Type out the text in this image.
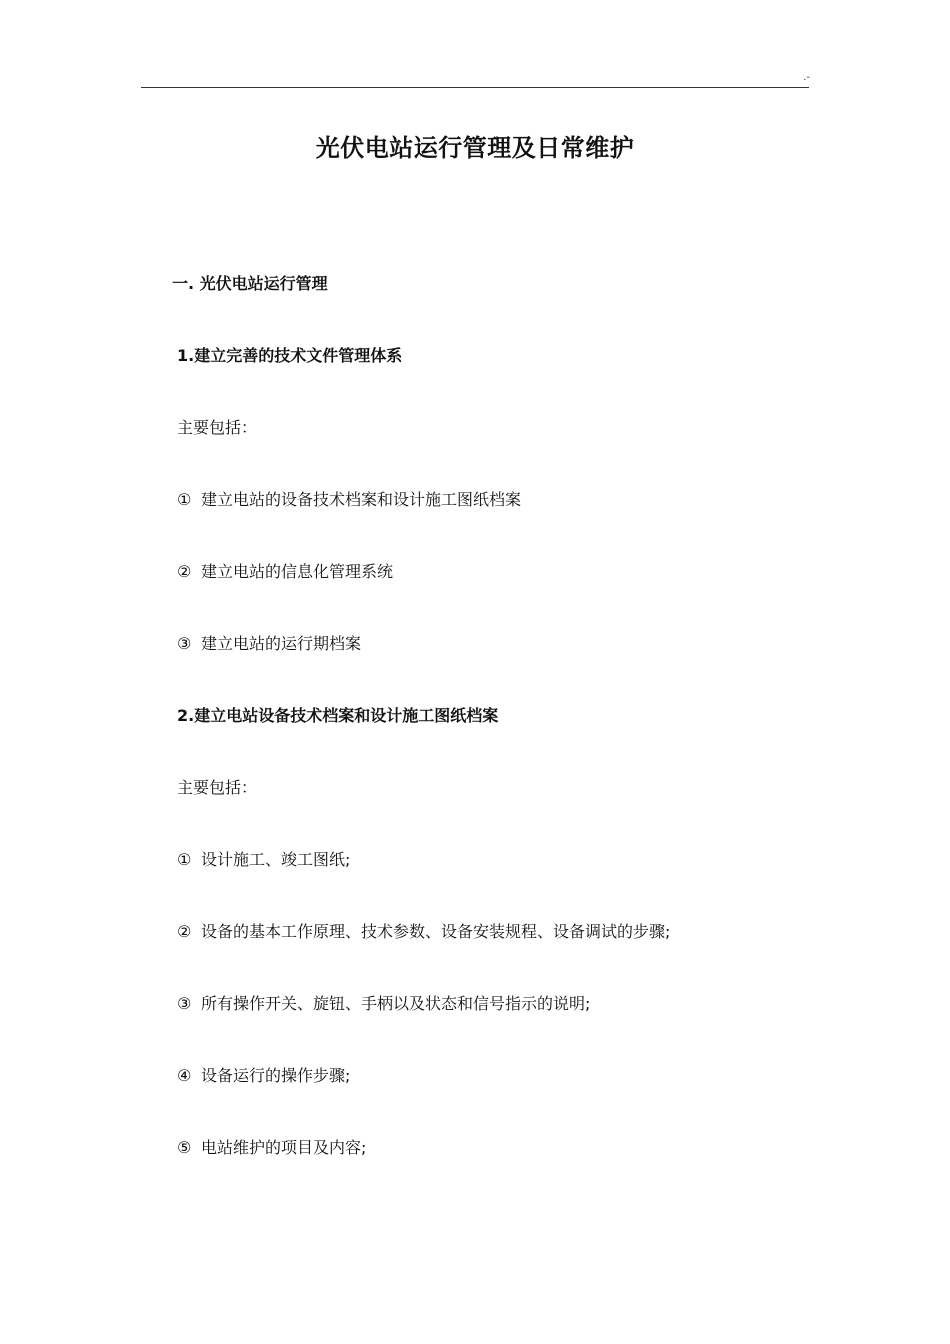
.-
光伏电站运行管理及日常维护
一. 光伏电站运行管理
1.建立完善的技术文件管理体系
主要包括：
① 建立电站的设备技术档案和设计施工图纸档案
② 建立电站的信息化管理系统
③ 建立电站的运行期档案
2.建立电站设备技术档案和设计施工图纸档案
主要包括：
① 设计施工、竣工图纸;
② 设备的基本工作原理、技术参数、设备安装规程、设备调试的步骤;
③ 所有操作开关、旋钮、手柄以及状态和信号指示的说明;
④ 设备运行的操作步骤;
⑤ 电站维护的项目及内容;
